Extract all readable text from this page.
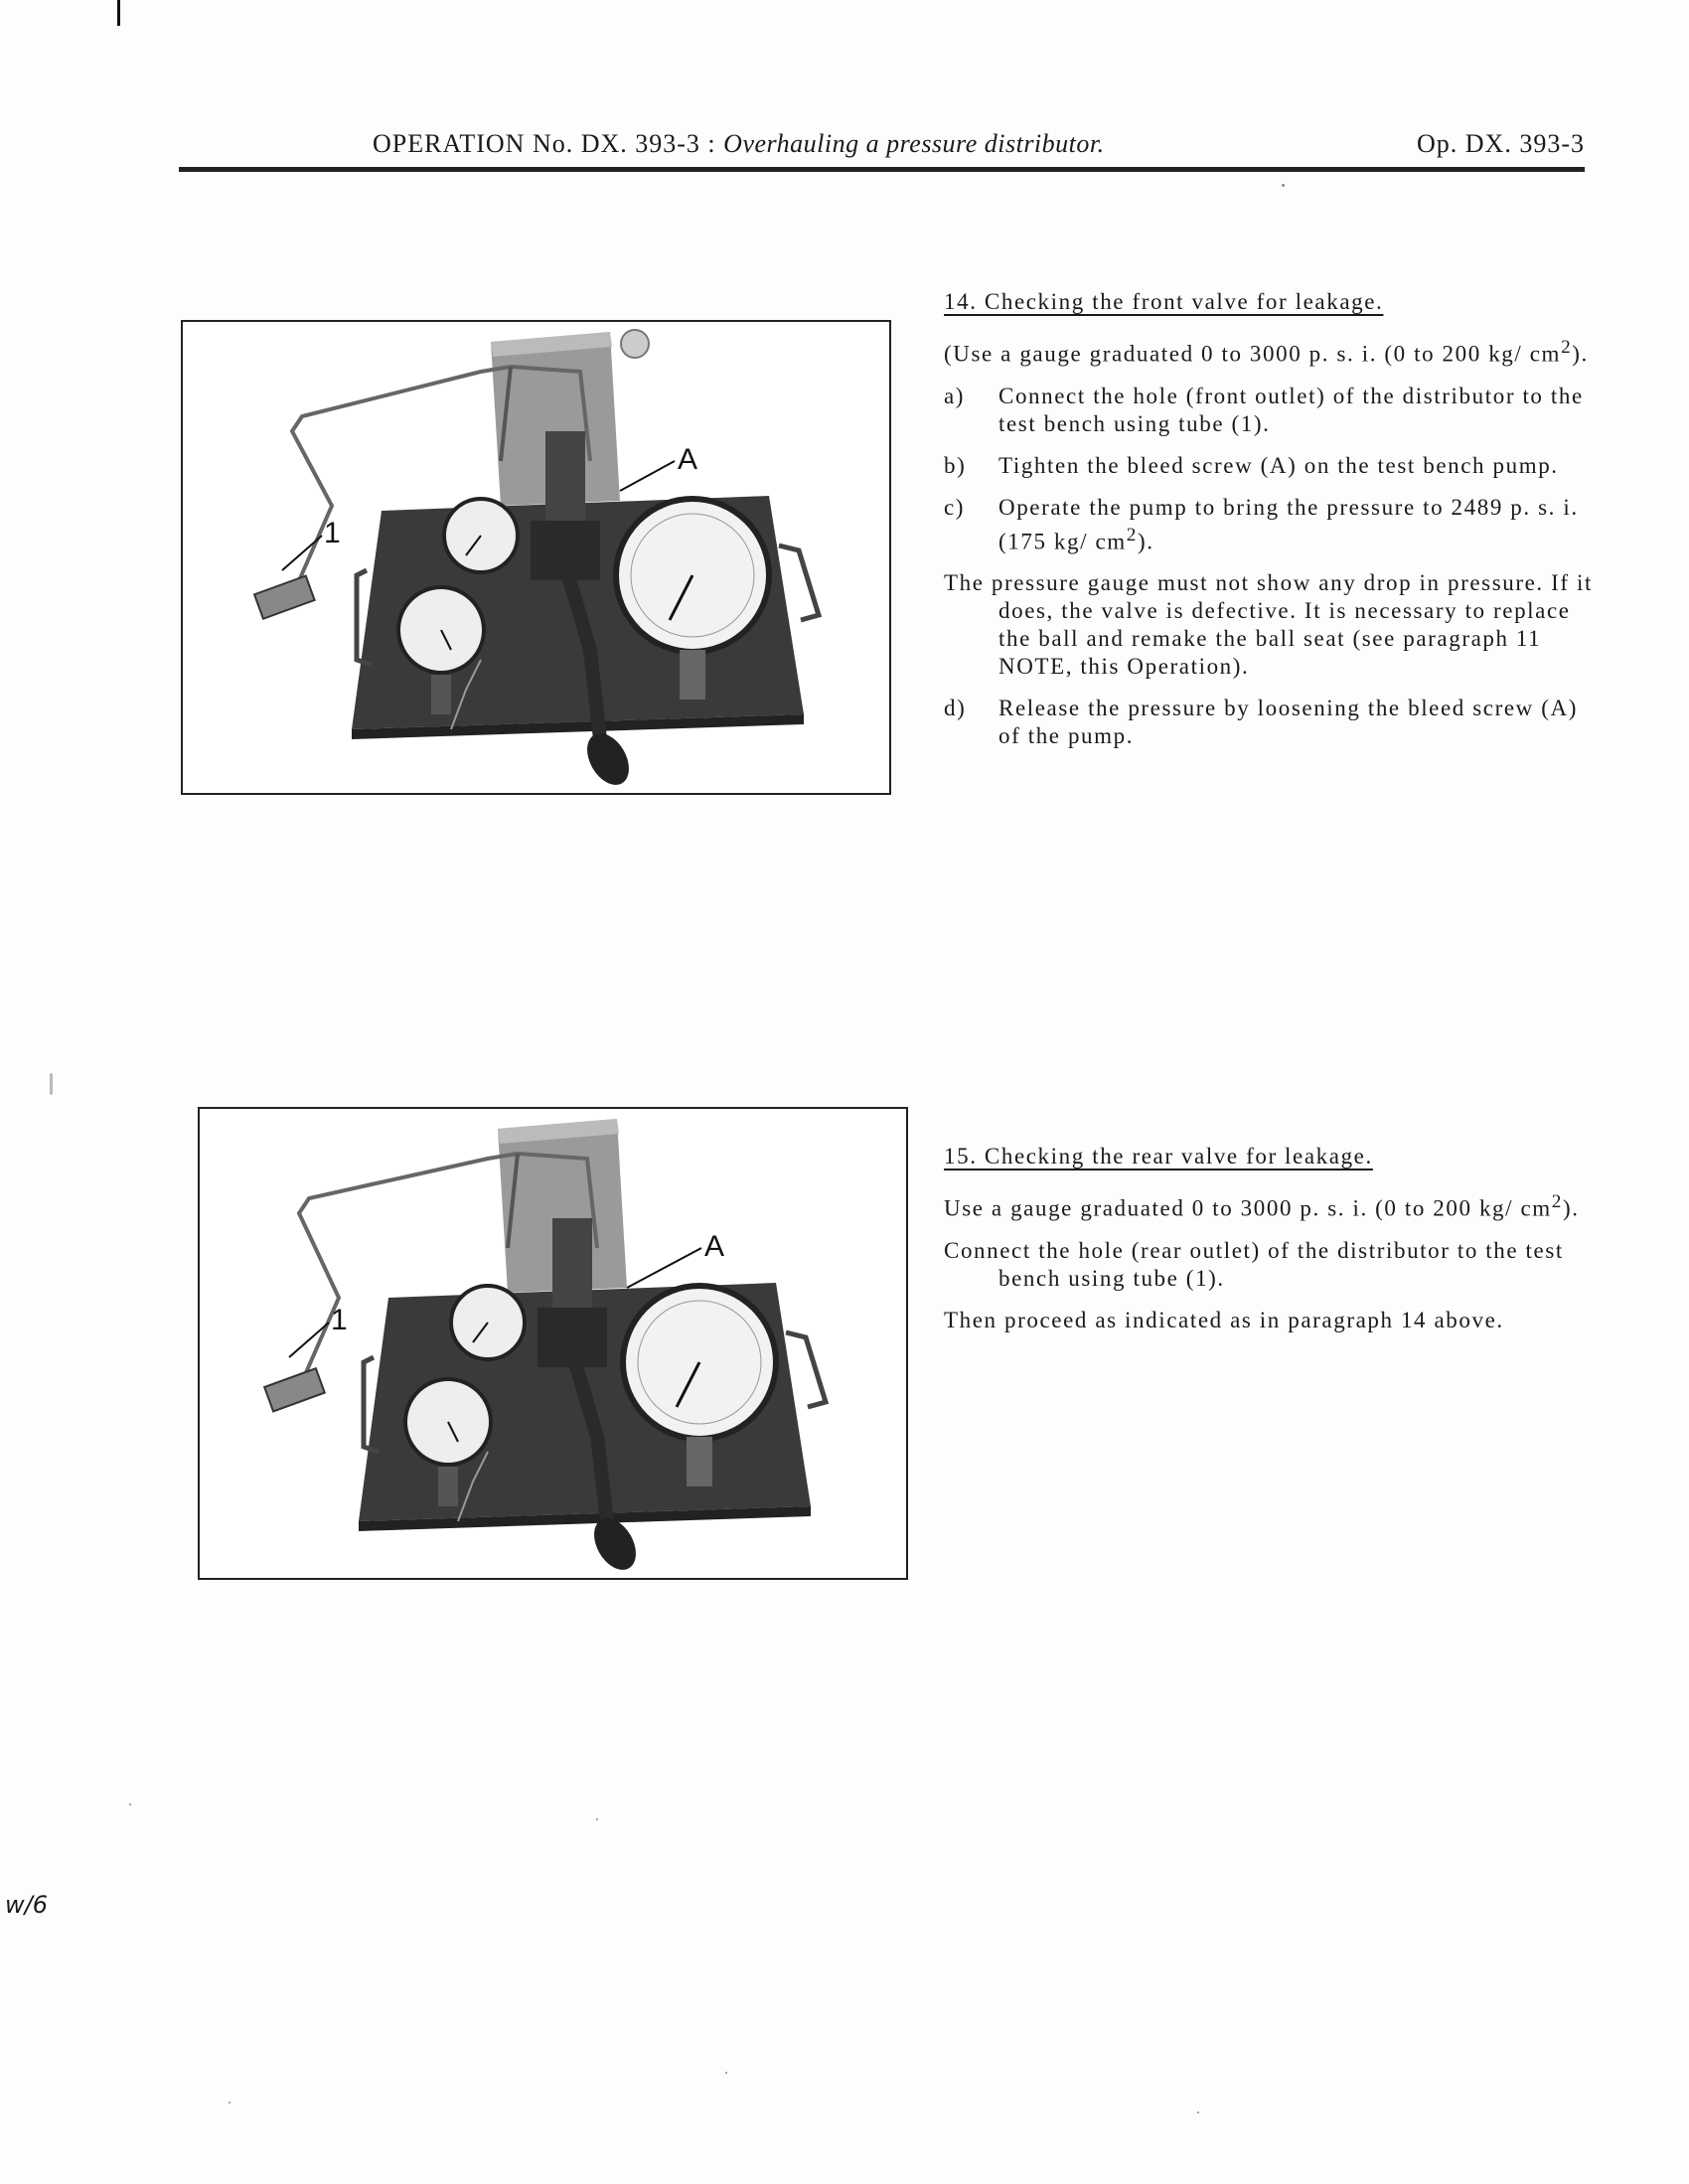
OPERATION No. DX. 393-3 : Overhauling a pressure distributor.	Op. DX. 393-3
A
1
14. Checking the front valve for leakage.

(Use a gauge graduated 0 to 3000 p. s. i. (0 to 200 kg/ $cm^2$).

a)	Connect the hole (front outlet) of the distributor to the test bench using tube (1).
b)	Tighten the bleed screw (A) on the test bench pump.
c)	Operate the pump to bring the pressure to 2489 p. s. i. (175 kg/ $cm^2$).

The pressure gauge must not show any drop in pressure. If it does, the valve is defective. It is necessary to replace the ball and remake the ball seat (see paragraph 11 NOTE, this Operation).

d)	Release the pressure by loosening the bleed screw (A) of the pump.
A
1
15. Checking the rear valve for leakage.

Use a gauge graduated 0 to 3000 p. s. i. (0 to 200 kg/ $cm^2$).

Connect the hole (rear outlet) of the distributor to the test bench using tube (1).

Then proceed as indicated as in paragraph 14 above.

w/6
